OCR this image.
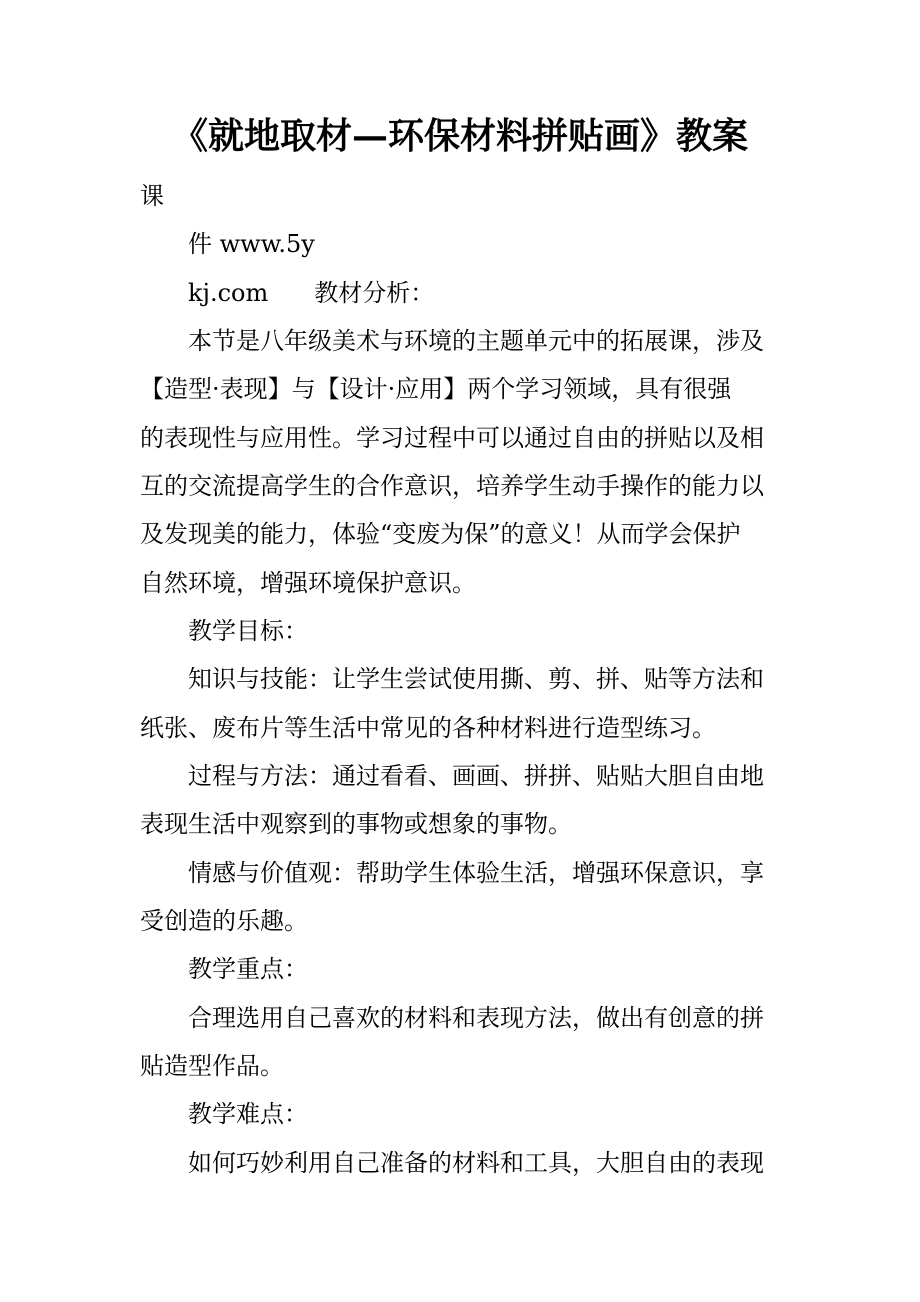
《就地取材—环保材料拼贴画》教案
课
件 www.5y
kj.com 教材分析：
本节是八年级美术与环境的主题单元中的拓展课，涉及
【造型·表现】与【设计·应用】两个学习领域，具有很强
的表现性与应用性。学习过程中可以通过自由的拼贴以及相
互的交流提高学生的合作意识，培养学生动手操作的能力以
及发现美的能力，体验“变废为保”的意义！从而学会保护
自然环境，增强环境保护意识。
教学目标：
知识与技能：让学生尝试使用撕、剪、拼、贴等方法和
纸张、废布片等生活中常见的各种材料进行造型练习。
过程与方法：通过看看、画画、拼拼、贴贴大胆自由地
表现生活中观察到的事物或想象的事物。
情感与价值观：帮助学生体验生活，增强环保意识，享
受创造的乐趣。
教学重点：
合理选用自己喜欢的材料和表现方法，做出有创意的拼
贴造型作品。
教学难点：
如何巧妙利用自己准备的材料和工具，大胆自由的表现
